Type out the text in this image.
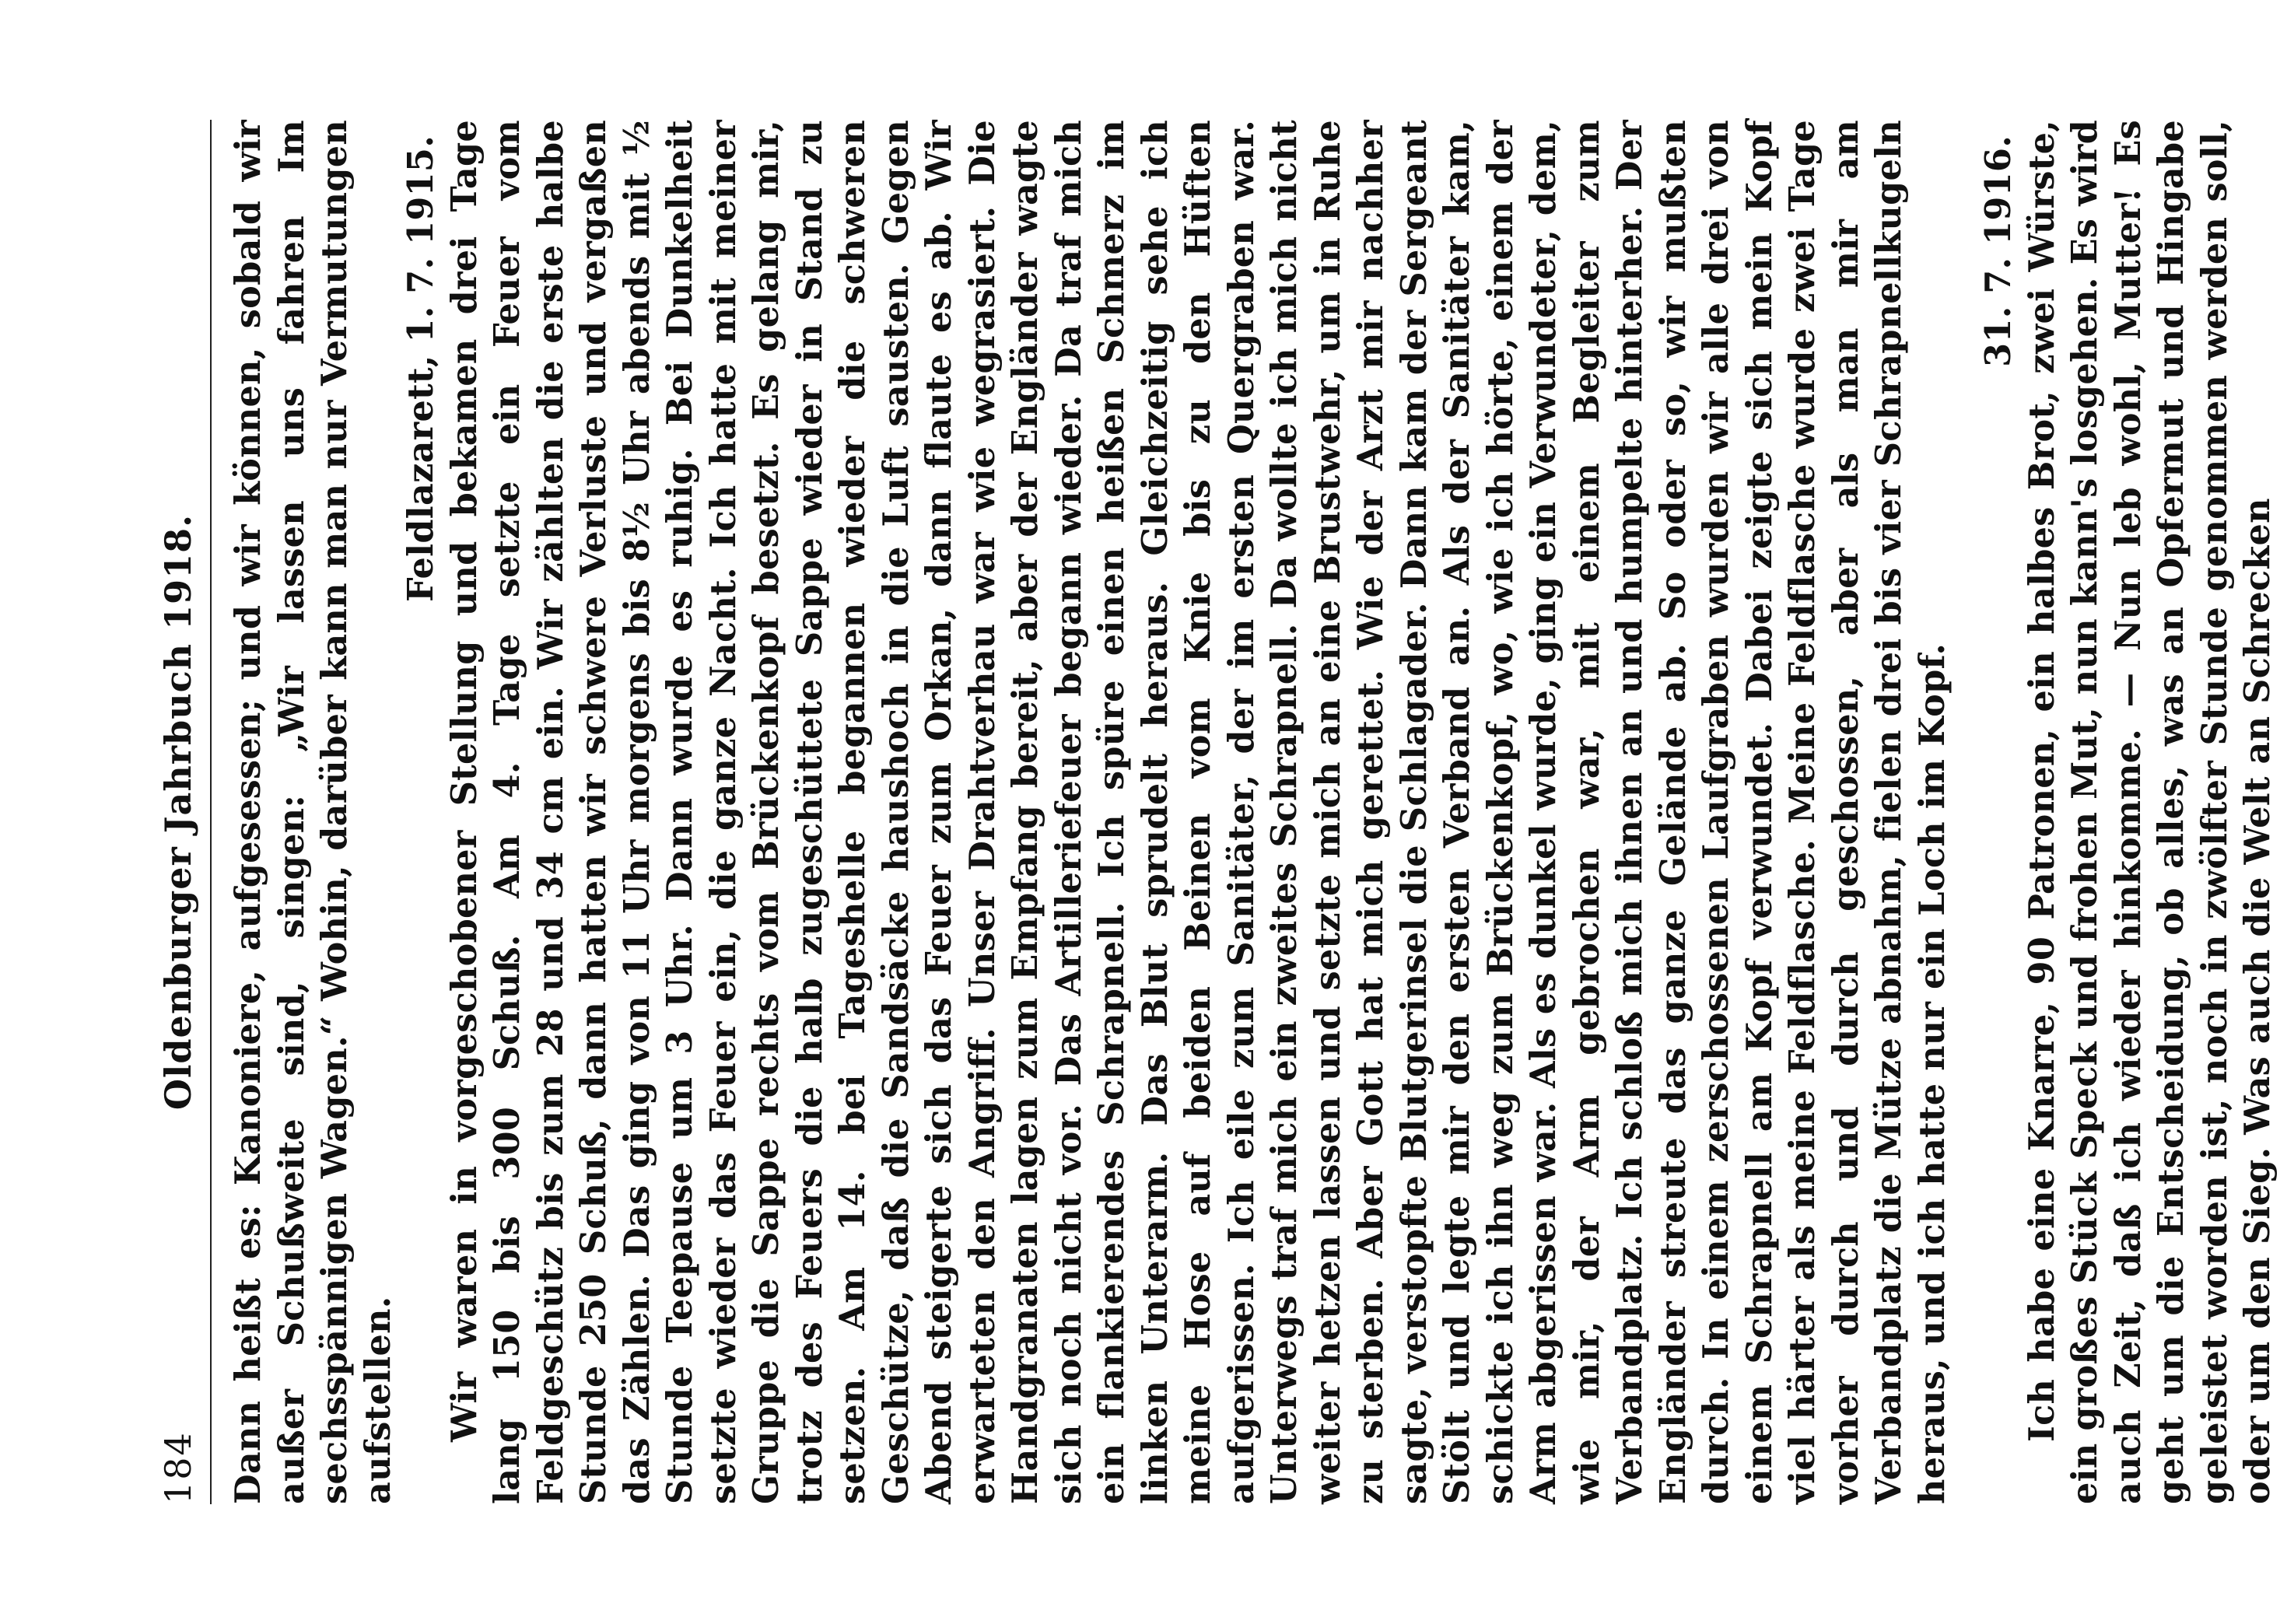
184
Oldenburger Jahrbuch 1918. Dann heißt es: Kanoniere, aufgesessen; und wir können, sobald wir außer Schußweite sind, singen: „Wir lassen uns fahren Im sechsspännigen Wagen.“ Wohin, darüber kann man nur Vermutungen aufstellen.

Feldlazarett, 1. 7. 1915. Wir waren in vorgeschobener Stellung und bekamen drei Tage lang 150 bis 300 Schuß. Am 4. Tage setzte ein Feuer vom Feldgeschütz bis zum 28 und 34 cm ein. Wir zählten die erste halbe Stunde 250 Schuß, dann hatten wir schwere Verluste und vergaßen das Zählen. Das ging von 11 Uhr morgens bis 8½ Uhr abends mit ½ Stunde Teepause um 3 Uhr. Dann wurde es ruhig. Bei Dunkelheit setzte wieder das Feuer ein, die ganze Nacht. Ich hatte mit meiner Gruppe die Sappe rechts vom Brückenkopf besetzt. Es gelang mir, trotz des Feuers die halb zugeschüttete Sappe wieder in Stand zu setzen. Am 14. bei Tageshelle begannen wieder die schweren Geschütze, daß die Sandsäcke haushoch in die Luft sausten. Gegen Abend steigerte sich das Feuer zum Orkan, dann flaute es ab. Wir erwarteten den Angriff. Unser Drahtverhau war wie wegrasiert. Die Handgranaten lagen zum Empfang bereit, aber der Engländer wagte sich noch nicht vor. Das Artilleriefeuer begann wieder. Da traf mich ein flankierendes Schrapnell. Ich spüre einen heißen Schmerz im linken Unterarm. Das Blut sprudelt heraus. Gleichzeitig sehe ich meine Hose auf beiden Beinen vom Knie bis zu den Hüften aufgerissen. Ich eile zum Sanitäter, der im ersten Quergraben war. Unterwegs traf mich ein zweites Schrapnell. Da wollte ich mich nicht weiter hetzen lassen und setzte mich an eine Brustwehr, um in Ruhe zu sterben. Aber Gott hat mich gerettet. Wie der Arzt mir nachher sagte, verstopfte Blutgerinsel die Schlagader. Dann kam der Sergeant Stölt und legte mir den ersten Verband an. Als der Sanitäter kam, schickte ich ihn weg zum Brückenkopf, wo, wie ich hörte, einem der Arm abgerissen war. Als es dunkel wurde, ging ein Verwundeter, dem, wie mir, der Arm gebrochen war, mit einem Begleiter zum Verbandplatz. Ich schloß mich ihnen an und humpelte hinterher. Der Engländer streute das ganze Gelände ab. So oder so, wir mußten durch. In einem zerschossenen Laufgraben wurden wir alle drei von einem Schrapnell am Kopf verwundet. Dabei zeigte sich mein Kopf viel härter als meine Feldflasche. Meine Feldflasche wurde zwei Tage vorher durch und durch geschossen, aber als man mir am Verbandplatz die Mütze abnahm, fielen drei bis vier Schrapnellkugeln heraus, und ich hatte nur ein Loch im Kopf.

31. 7. 1916. Ich habe eine Knarre, 90 Patronen, ein halbes Brot, zwei Würste, ein großes Stück Speck und frohen Mut, nun kann's losgehen. Es wird auch Zeit, daß ich wieder hinkomme. — Nun leb wohl, Mutter! Es geht um die Entscheidung, ob alles, was an Opfermut und Hingabe geleistet worden ist, noch in zwölfter Stunde genommen werden soll, oder um den Sieg. Was auch die Welt an Schrecken
